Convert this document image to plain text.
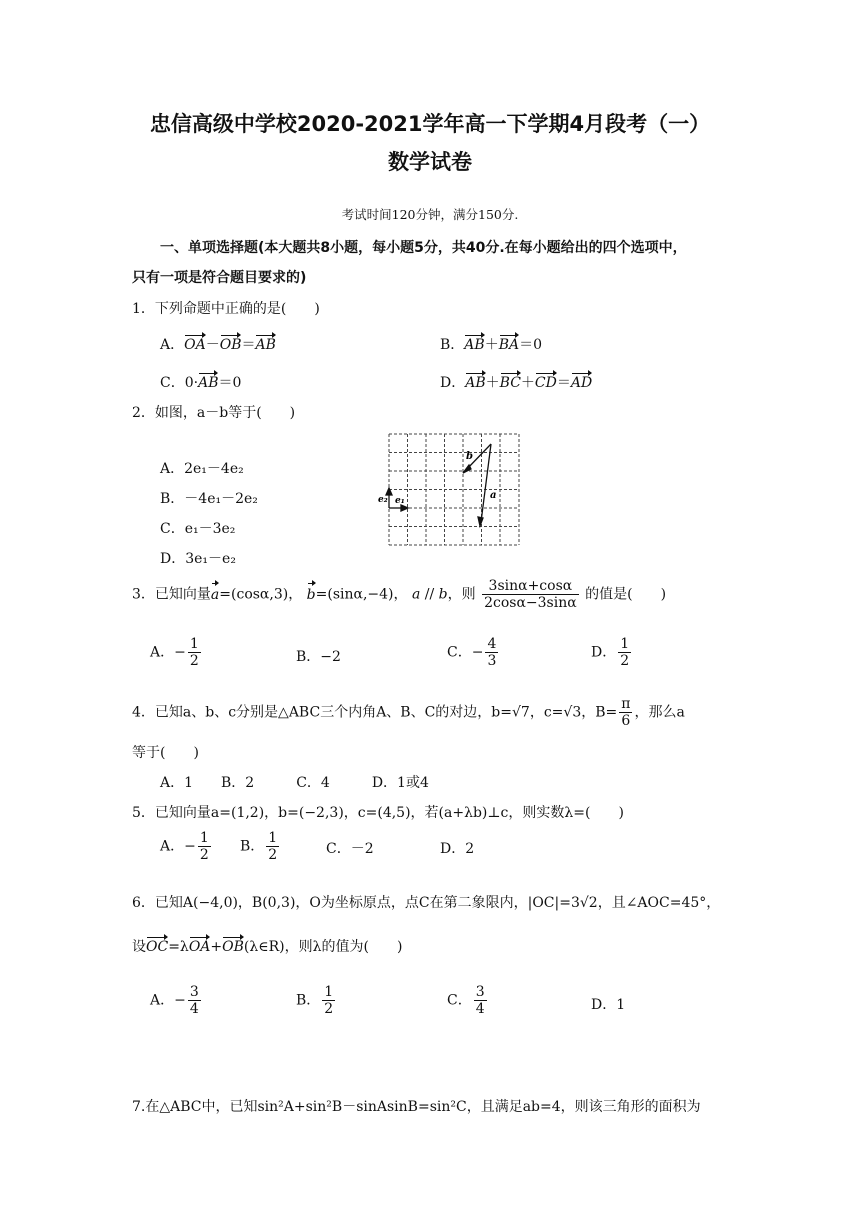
忠信高级中学校2020-2021学年高一下学期4月段考（一）
数学试卷
考试时间120分钟，满分150分.
一、单项选择题(本大题共8小题，每小题5分，共40分.在每小题给出的四个选项中，
只有一项是符合题目要求的)
1．下列命题中正确的是(　　)
A．OA－OB＝AB	B．AB＋BA＝0
C．0·AB＝0	D．AB＋BC＋CD＝AD
2．如图，a－b等于(　　)
A．2e₁－4e₂
B．－4e₁－2e₂
C．e₁－3e₂
D．3e₁－e₂
b
a
e₂ e₁
3．已知向量a=(cosα,3)， b=(sinα,−4)， a // b，则 $\frac{3\sin\alpha+\cos\alpha}{2\cos\alpha-3\sin\alpha}$ 的值是(　　)
A．− $\frac{1}{2}$	B．−2	C．− $\frac{4}{3}$	D． $\frac{1}{2}$
4．已知a、b、c分别是△ABC三个内角A、B、C的对边，b=√7，c=√3，$B= \frac{\pi}{6}$ ，那么a
等于(　　)
A．1　　B．2　　　C．4　　　D．1或4
5．已知向量a=(1,2)，b=(−2,3)，c=(4,5)，若(a+λb)⊥c，则实数λ=(　　)
A．− $\frac{1}{2}$ B． $\frac{1}{2}$	C．－2	D．2
6．已知A(−4,0)，B(0,3)，O为坐标原点，点C在第二象限内，|OC|=3√2，且∠AOC=45°，
设OC=λOA+OB(λ∈R)，则λ的值为(　　)
A．− $\frac{3}{4}$	B． $\frac{1}{2}$	C． $\frac{3}{4}$	D．1
7.在△ABC中，已知sin²A+sin²B－sinAsinB=sin²C，且满足ab=4，则该三角形的面积为
